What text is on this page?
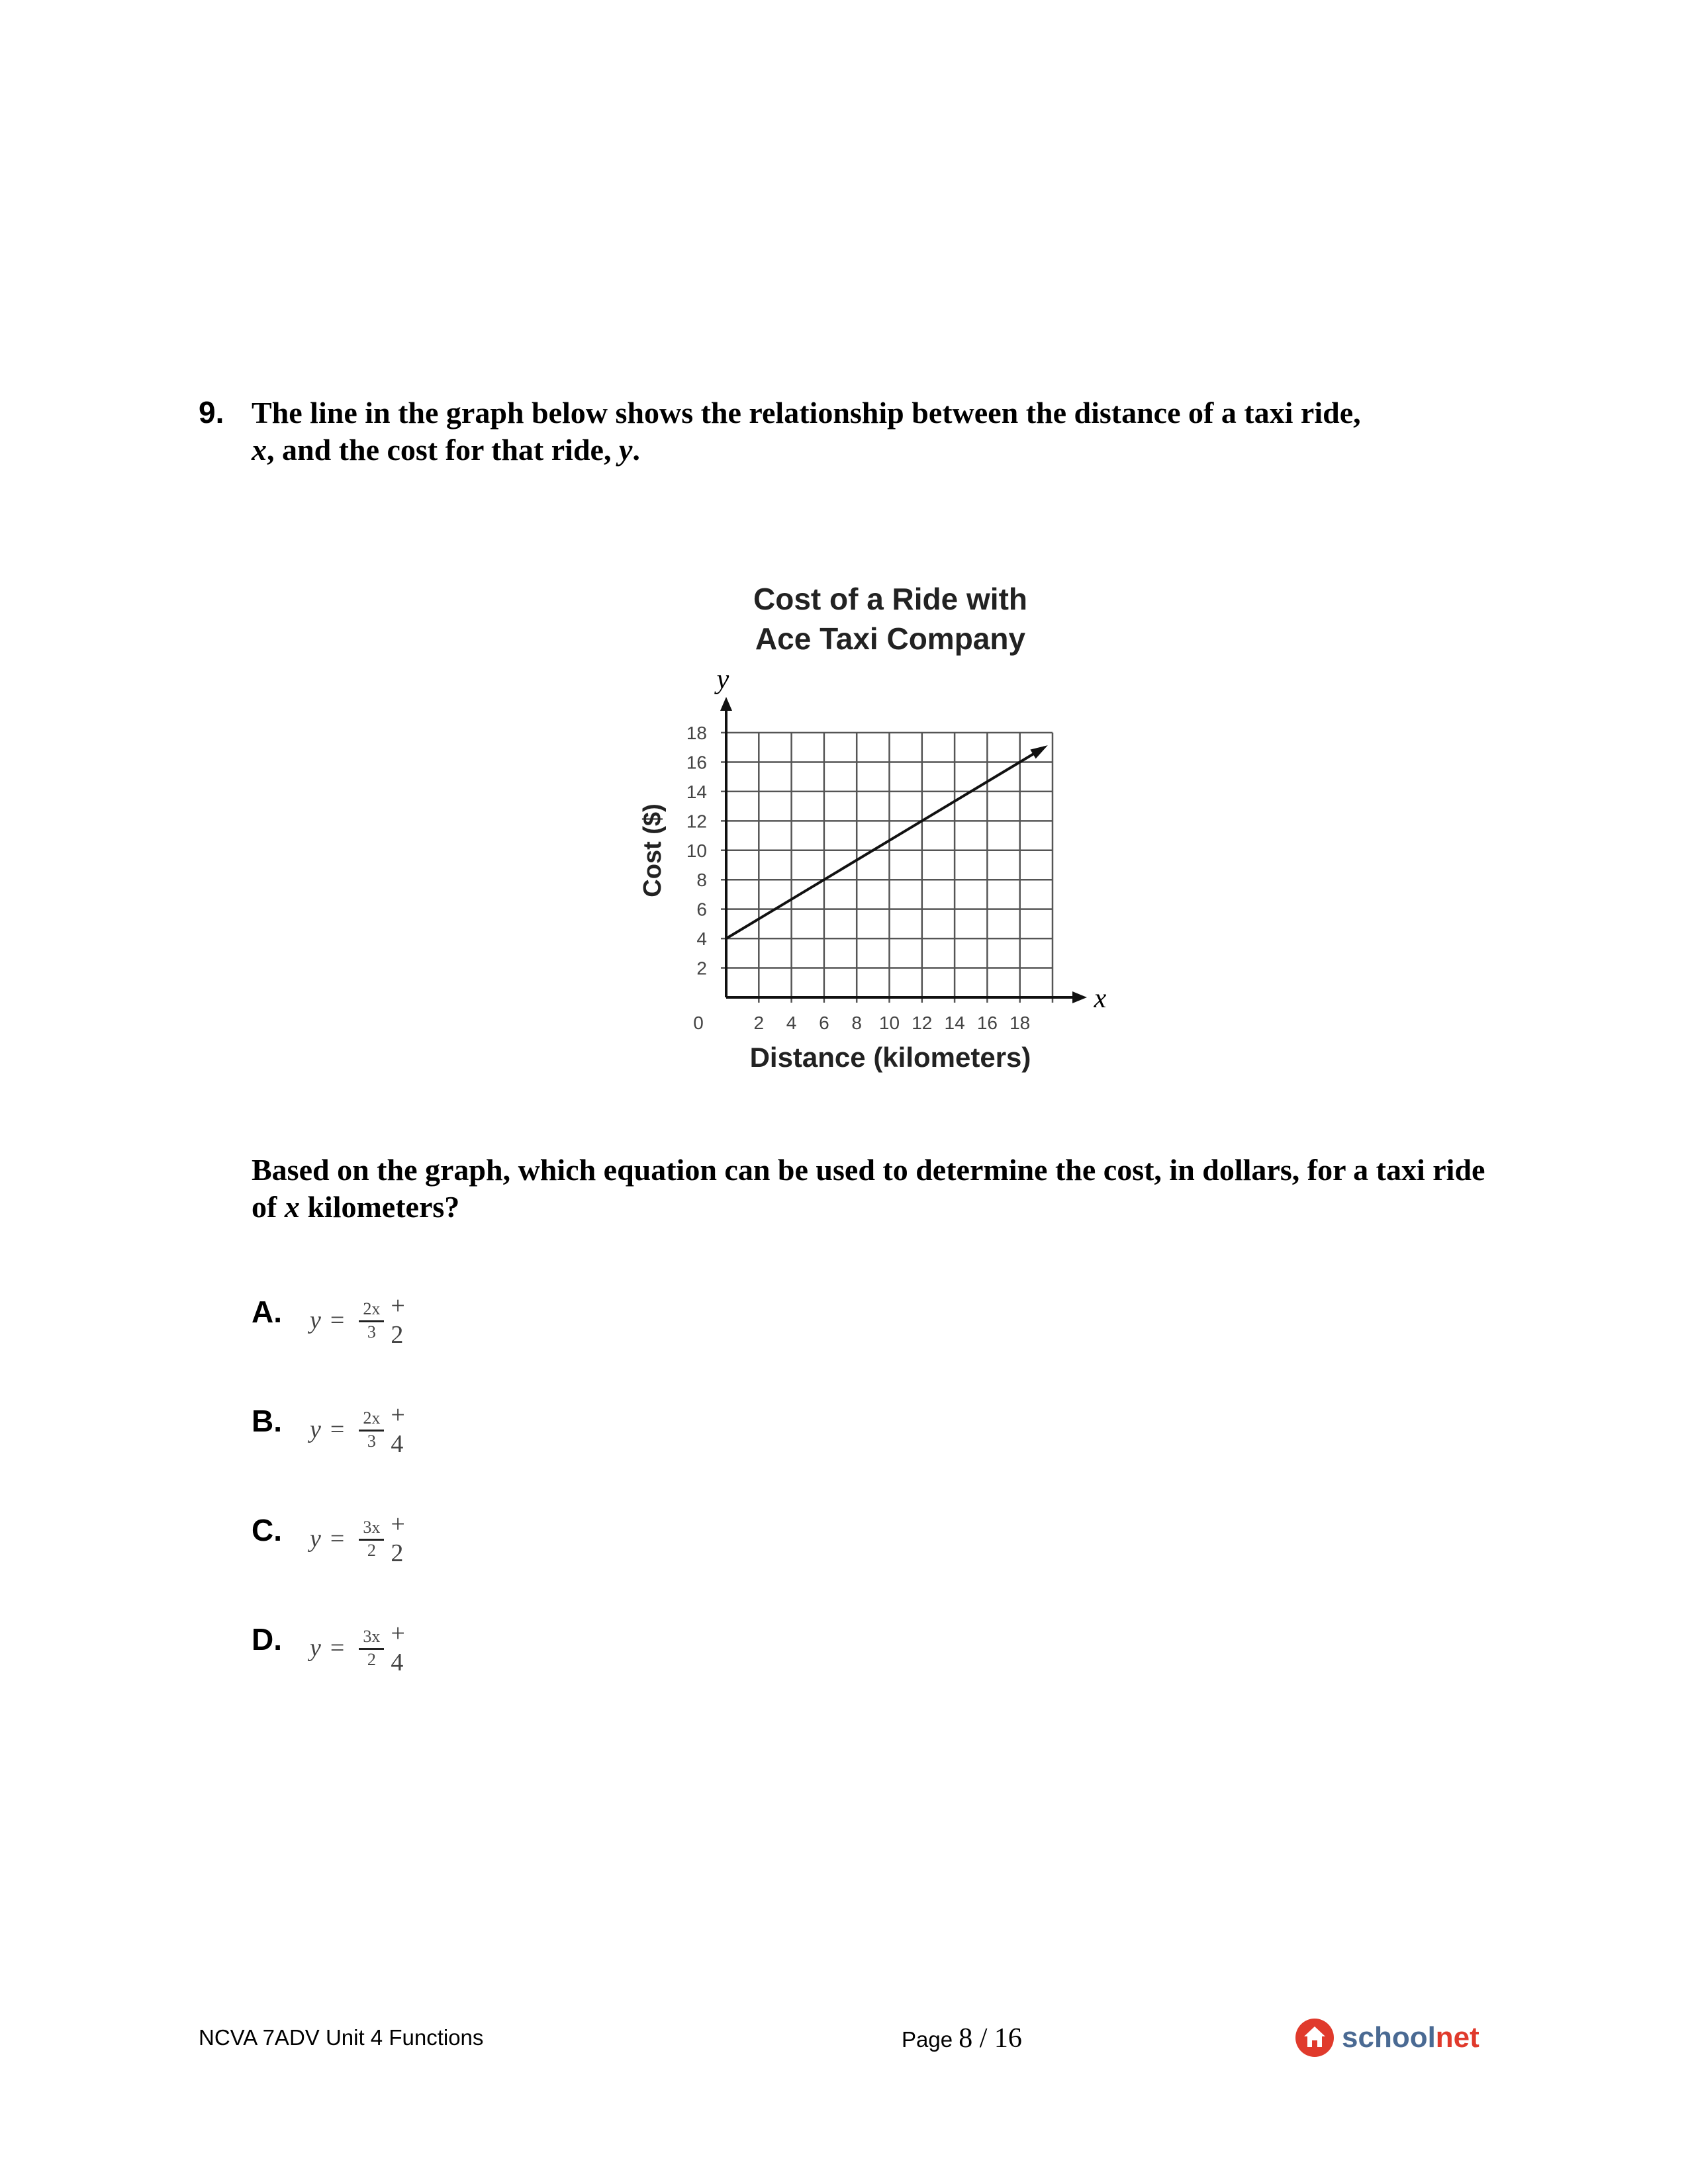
9. The line in the graph below shows the relationship between the distance of a taxi ride,
x, and the cost for that ride, y.
Cost of a Ride with
Ace Taxi Company
2 4 6 8 10 12 14 16 18
2
4
6
8
10
12
14
16
18
x
y
Distance (kilometers)
Cost ($)
0
Based on the graph, which equation can be used to determine the cost, in dollars, for a taxi ride of x kilometers?
A. $y = \frac{2x}{3} + 2$
B. $y = \frac{2x}{3} + 4$
C. $y = \frac{3x}{2} + 2$
D. $y = \frac{3x}{2} + 4$
NCVA 7ADV Unit 4 Functions	Page 8 / 16	schoolnet
